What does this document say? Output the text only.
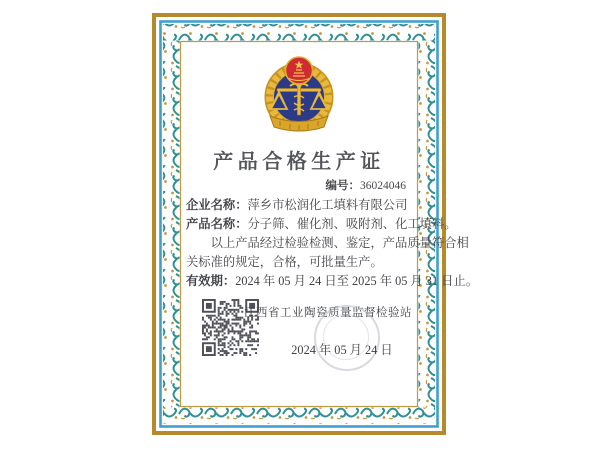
产品合格生产证
编号：36024046
企业名称：萍乡市松润化工填料有限公司
产品名称：分子筛、催化剂、吸附剂、化工填料。
以上产品经过检验检测、鉴定，产品质量符合相
关标准的规定，合格，可批量生产。
有效期：2024 年 05 月 24 日至 2025 年 05 月 31 日止。
江西省工业陶瓷质量监督检验站
2024 年 05 月 24 日
